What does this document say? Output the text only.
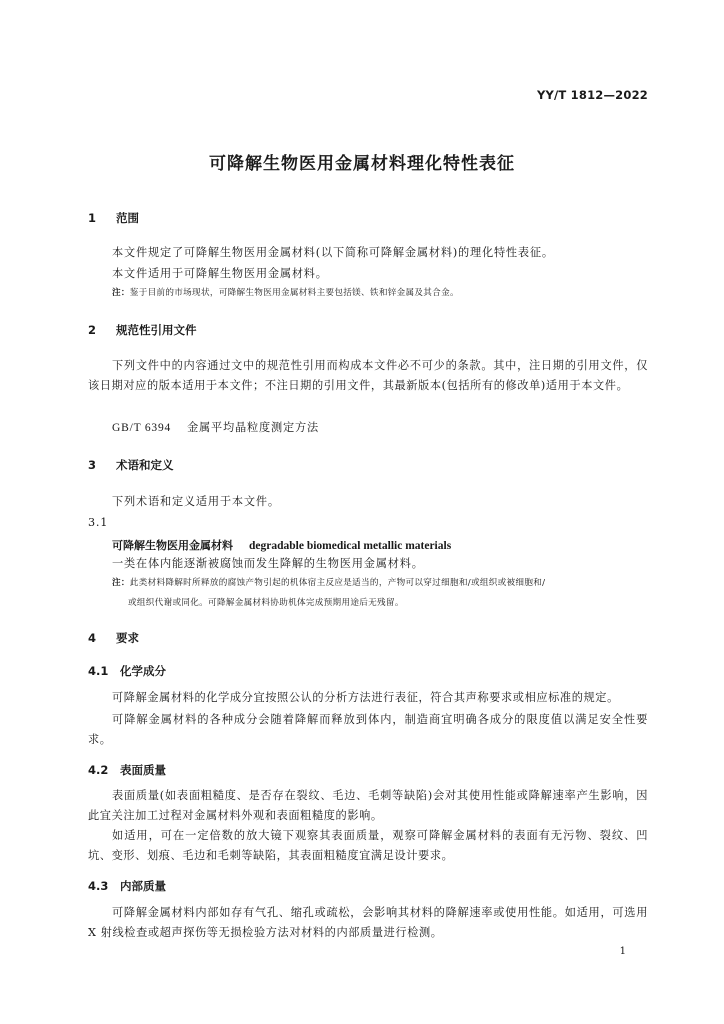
YY/T 1812—2022
可降解生物医用金属材料理化特性表征
1 范围
本文件规定了可降解生物医用金属材料(以下简称可降解金属材料)的理化特性表征。
本文件适用于可降解生物医用金属材料。
注：鉴于目前的市场现状，可降解生物医用金属材料主要包括镁、铁和锌金属及其合金。
2 规范性引用文件
下列文件中的内容通过文中的规范性引用而构成本文件必不可少的条款。其中，注日期的引用文件，仅该日期对应的版本适用于本文件；不注日期的引用文件，其最新版本(包括所有的修改单)适用于本文件。
GB/T 6394 金属平均晶粒度测定方法
3 术语和定义
下列术语和定义适用于本文件。
3.1
可降解生物医用金属材料 degradable biomedical metallic materials
一类在体内能逐渐被腐蚀而发生降解的生物医用金属材料。
注：此类材料降解时所释放的腐蚀产物引起的机体宿主反应是适当的，产物可以穿过细胞和/或组织或被细胞和/
或组织代谢或同化。可降解金属材料协助机体完成预期用途后无残留。
4 要求
4.1 化学成分
可降解金属材料的化学成分宜按照公认的分析方法进行表征，符合其声称要求或相应标准的规定。
可降解金属材料的各种成分会随着降解而释放到体内，制造商宜明确各成分的限度值以满足安全性要求。
4.2 表面质量
表面质量(如表面粗糙度、是否存在裂纹、毛边、毛刺等缺陷)会对其使用性能或降解速率产生影响，因此宜关注加工过程对金属材料外观和表面粗糙度的影响。
如适用，可在一定倍数的放大镜下观察其表面质量，观察可降解金属材料的表面有无污物、裂纹、凹坑、变形、划痕、毛边和毛刺等缺陷，其表面粗糙度宜满足设计要求。
4.3 内部质量
可降解金属材料内部如存有气孔、缩孔或疏松，会影响其材料的降解速率或使用性能。如适用，可选用 X 射线检查或超声探伤等无损检验方法对材料的内部质量进行检测。
1
